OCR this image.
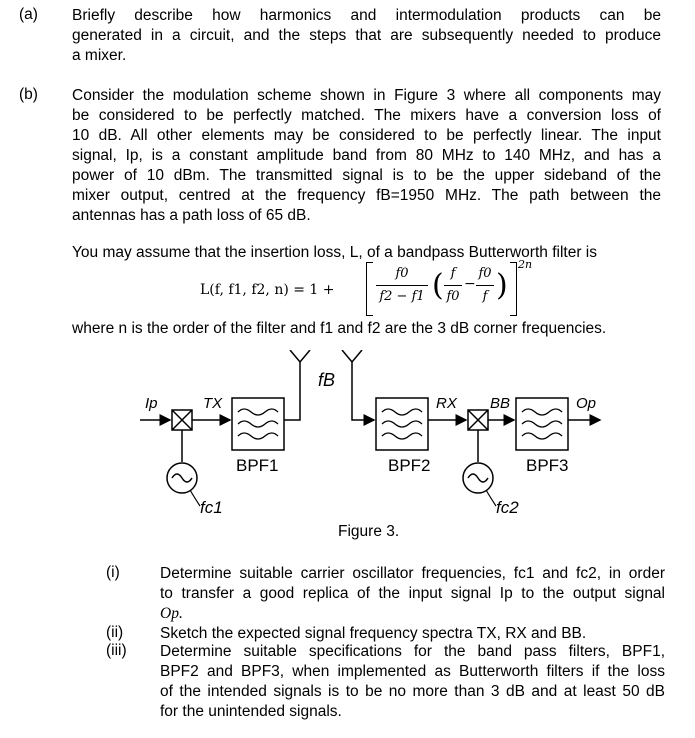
(a) Briefly describe how harmonics and intermodulation products can be
generated in a circuit, and the steps that are subsequently needed to produce
a mixer.
(b) Consider the modulation scheme shown in Figure 3 where all components may
be considered to be perfectly matched. The mixers have a conversion loss of
10 dB. All other elements may be considered to be perfectly linear. The input
signal, Ip, is a constant amplitude band from 80 MHz to 140 MHz, and has a
power of 10 dBm. The transmitted signal is to be the upper sideband of the
mixer output, centred at the frequency fB=1950 MHz. The path between the
antennas has a path loss of 65 dB.
You may assume that the insertion loss, L, of a bandpass Butterworth filter is
L(f, f1, f2, n) = 1 +
f0
f2 − f1 ( f
f0
−
f0
f )
2n
where n is the order of the filter and f1 and f2 are the 3 dB corner frequencies.
Ip	TX
fc1
BPF1
fB
BPF2
RX BB
fc2
BPF3
Op
Figure 3.
(i)	Determine suitable carrier oscillator frequencies, fc1 and fc2, in order
to transfer a good replica of the input signal Ip to the output signal
Op.
(ii) Sketch the expected signal frequency spectra TX, RX and BB.
(iii) Determine suitable specifications for the band pass filters, BPF1,
BPF2 and BPF3, when implemented as Butterworth filters if the loss
of the intended signals is to be no more than 3 dB and at least 50 dB
for the unintended signals.
